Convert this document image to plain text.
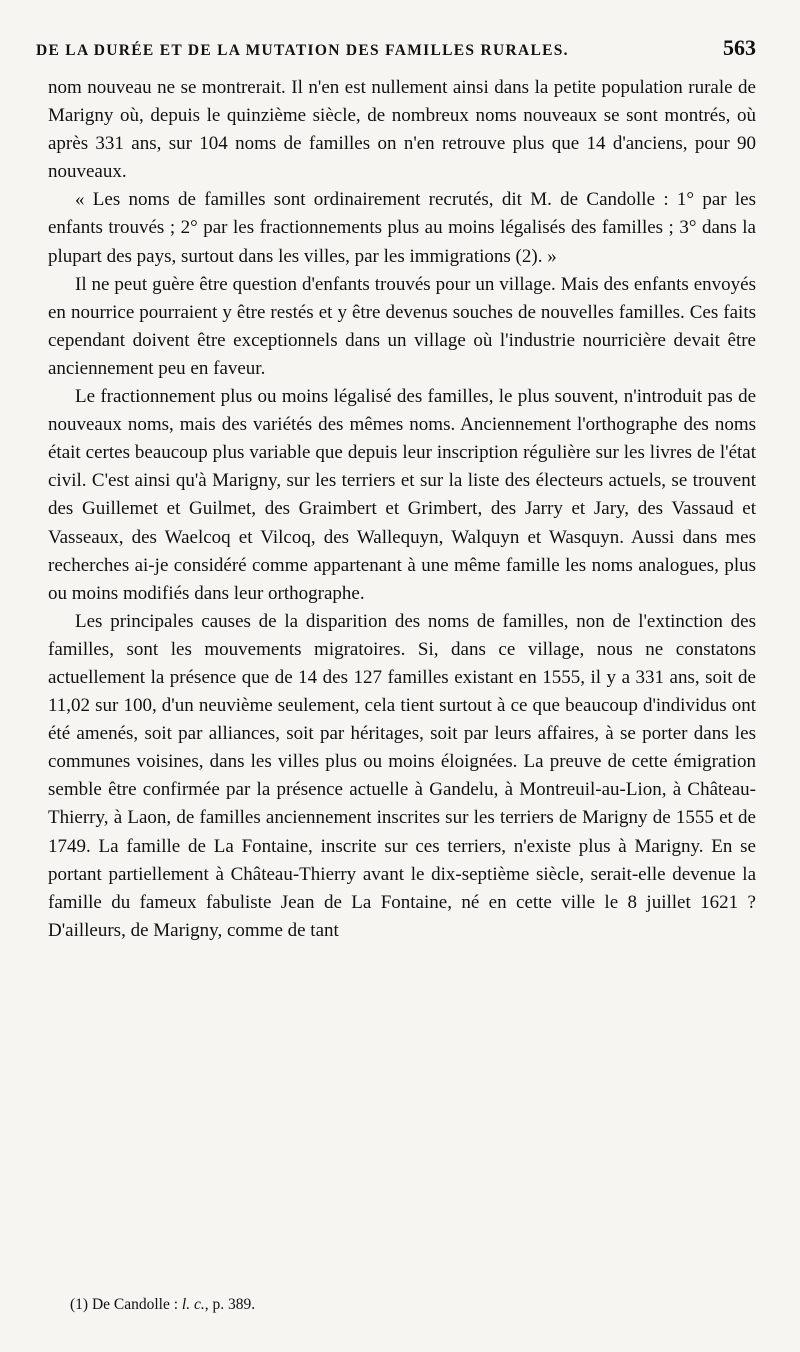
DE LA DURÉE ET DE LA MUTATION DES FAMILLES RURALES.	563

nom nouveau ne se montrerait. Il n'en est nullement ainsi dans la petite population rurale de Marigny où, depuis le quinzième siècle, de nombreux noms nouveaux se sont montrés, où après 331 ans, sur 104 noms de familles on n'en retrouve plus que 14 d'anciens, pour 90 nouveaux.

« Les noms de familles sont ordinairement recrutés, dit M. de Candolle : 1° par les enfants trouvés ; 2° par les fractionnements plus au moins légalisés des familles ; 3° dans la plupart des pays, surtout dans les villes, par les immigrations (2). »

Il ne peut guère être question d'enfants trouvés pour un village. Mais des enfants envoyés en nourrice pourraient y être restés et y être devenus souches de nouvelles familles. Ces faits cependant doivent être exceptionnels dans un village où l'industrie nourricière devait être anciennement peu en faveur.

Le fractionnement plus ou moins légalisé des familles, le plus souvent, n'introduit pas de nouveaux noms, mais des variétés des mêmes noms. Anciennement l'orthographe des noms était certes beaucoup plus variable que depuis leur inscription régulière sur les livres de l'état civil. C'est ainsi qu'à Marigny, sur les terriers et sur la liste des électeurs actuels, se trouvent des Guillemet et Guilmet, des Graimbert et Grimbert, des Jarry et Jary, des Vassaud et Vasseaux, des Waelcoq et Vilcoq, des Wallequyn, Walquyn et Wasquyn. Aussi dans mes recherches ai-je considéré comme appartenant à une même famille les noms analogues, plus ou moins modifiés dans leur orthographe.

Les principales causes de la disparition des noms de familles, non de l'extinction des familles, sont les mouvements migratoires. Si, dans ce village, nous ne constatons actuellement la présence que de 14 des 127 familles existant en 1555, il y a 331 ans, soit de 11,02 sur 100, d'un neuvième seulement, cela tient surtout à ce que beaucoup d'individus ont été amenés, soit par alliances, soit par héritages, soit par leurs affaires, à se porter dans les communes voisines, dans les villes plus ou moins éloignées. La preuve de cette émigration semble être confirmée par la présence actuelle à Gandelu, à Montreuil-au-Lion, à Château-Thierry, à Laon, de familles anciennement inscrites sur les terriers de Marigny de 1555 et de 1749. La famille de La Fontaine, inscrite sur ces terriers, n'existe plus à Marigny. En se portant partiellement à Château-Thierry avant le dix-septième siècle, serait-elle devenue la famille du fameux fabuliste Jean de La Fontaine, né en cette ville le 8 juillet 1621 ? D'ailleurs, de Marigny, comme de tant

(1) De Candolle : l. c., p. 389.
